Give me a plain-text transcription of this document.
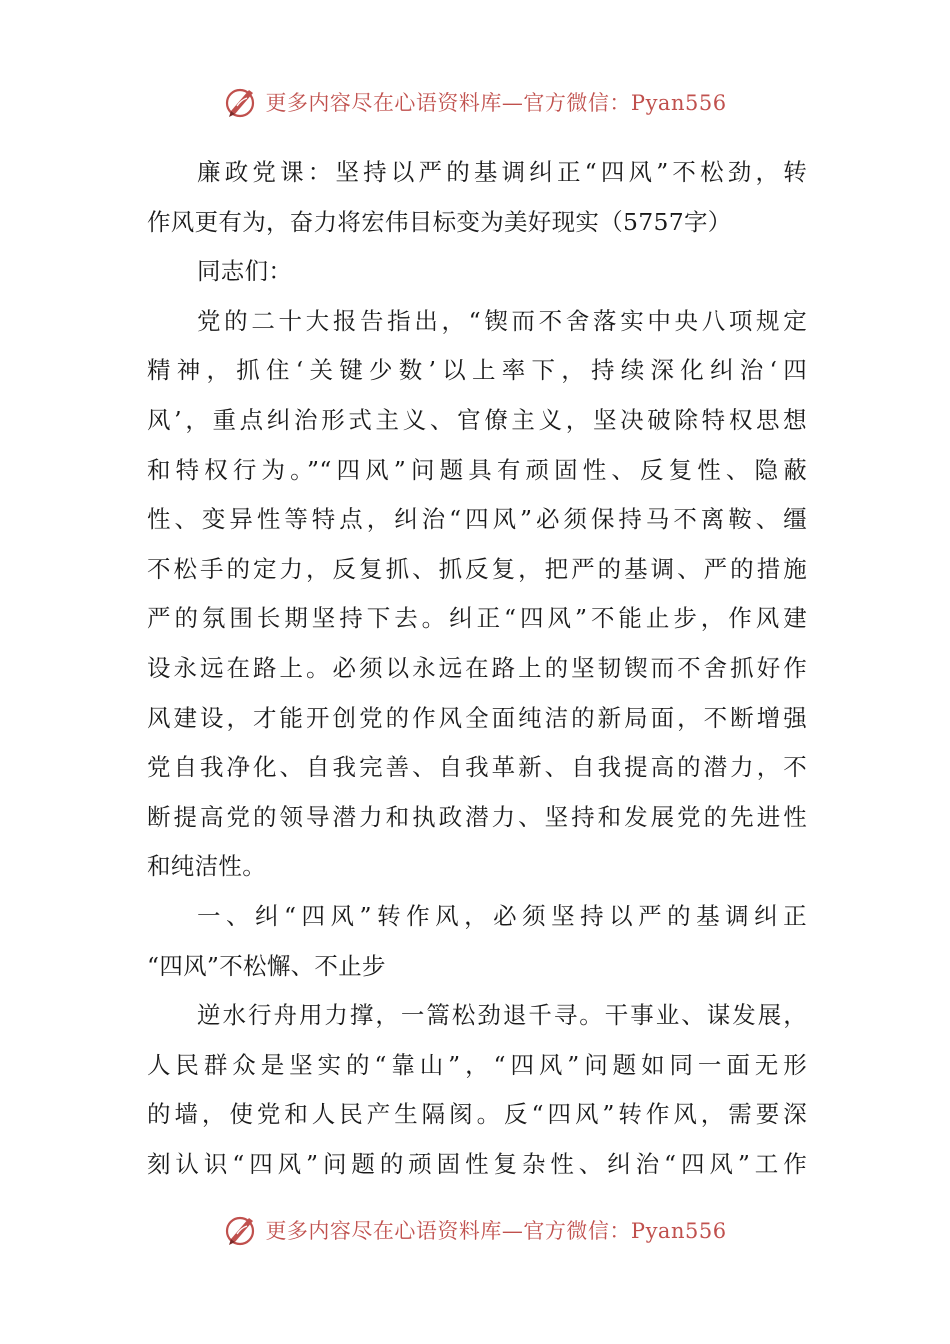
更多内容尽在心语资料库—官方微信：Pyan556
廉政党课：坚持以严的基调纠正“四风”不松劲，转
作风更有为，奋力将宏伟目标变为美好现实（5757字）
同志们：
党的二十大报告指出，“锲而不舍落实中央八项规定
精神，抓住‘关键少数’以上率下，持续深化纠治‘四
风’，重点纠治形式主义、官僚主义，坚决破除特权思想
和特权行为。”“四风”问题具有顽固性、反复性、隐蔽
性、变异性等特点，纠治“四风”必须保持马不离鞍、缰
不松手的定力，反复抓、抓反复，把严的基调、严的措施
严的氛围长期坚持下去。纠正“四风”不能止步，作风建
设永远在路上。必须以永远在路上的坚韧锲而不舍抓好作
风建设，才能开创党的作风全面纯洁的新局面，不断增强
党自我净化、自我完善、自我革新、自我提高的潜力，不
断提高党的领导潜力和执政潜力、坚持和发展党的先进性
和纯洁性。
一、纠“四风”转作风，必须坚持以严的基调纠正
“四风”不松懈、不止步
逆水行舟用力撑，一篙松劲退千寻。干事业、谋发展，
人民群众是坚实的“靠山”，“四风”问题如同一面无形
的墙，使党和人民产生隔阂。反“四风”转作风，需要深
刻认识“四风”问题的顽固性复杂性、纠治“四风”工作
更多内容尽在心语资料库—官方微信：Pyan556
